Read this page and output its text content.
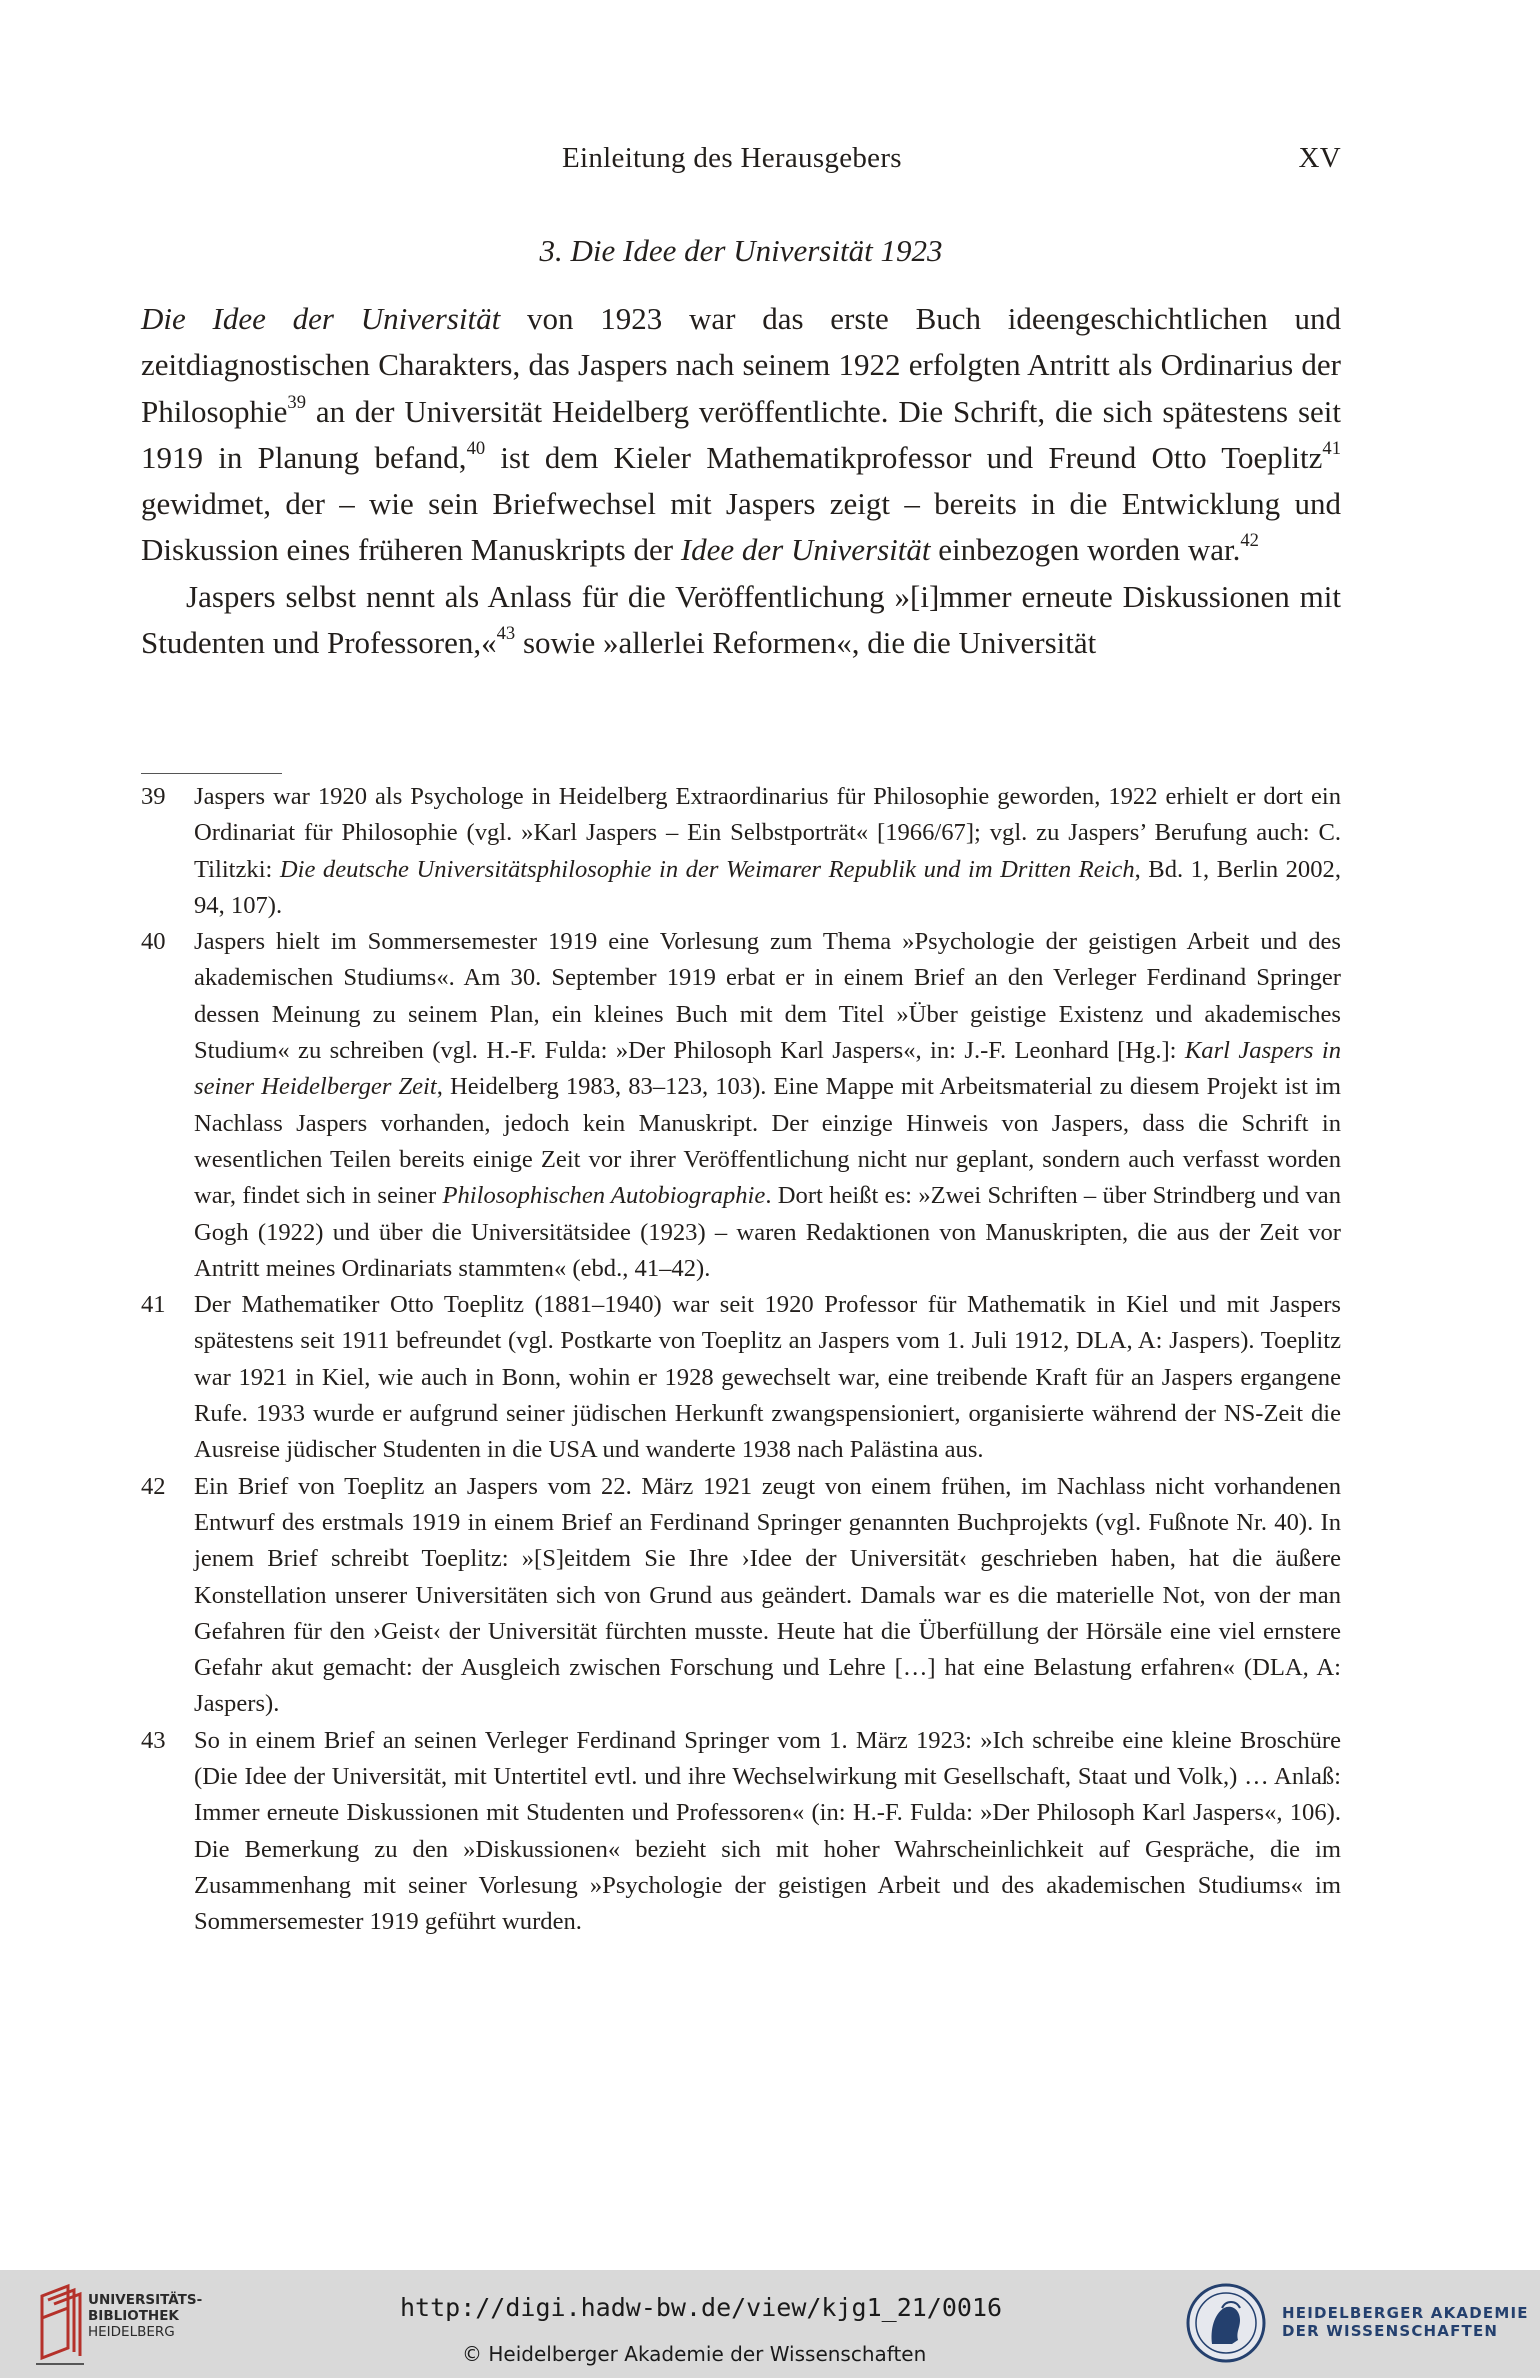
Einleitung des Herausgebers	XV
3. Die Idee der Universität 1923

Die Idee der Universität von 1923 war das erste Buch ideengeschichtlichen und zeitdiagnostischen Charakters, das Jaspers nach seinem 1922 erfolgten Antritt als Ordinarius der Philosophie$^{39}$ an der Universität Heidelberg veröffentlichte. Die Schrift, die sich spätestens seit 1919 in Planung befand,$^{40}$ ist dem Kieler Mathematikprofessor und Freund Otto Toeplitz$^{41}$ gewidmet, der – wie sein Briefwechsel mit Jaspers zeigt – bereits in die Entwicklung und Diskussion eines früheren Manuskripts der Idee der Universität einbezogen worden war.$^{42}$

Jaspers selbst nennt als Anlass für die Veröffentlichung »[i]mmer erneute Diskussionen mit Studenten und Professoren,«$^{43}$ sowie »allerlei Reformen«, die die Universität

39 Jaspers war 1920 als Psychologe in Heidelberg Extraordinarius für Philosophie geworden, 1922 erhielt er dort ein Ordinariat für Philosophie (vgl. »Karl Jaspers – Ein Selbstporträt« [1966/67]; vgl. zu Jaspers’ Berufung auch: C. Tilitzki: Die deutsche Universitätsphilosophie in der Weimarer Republik und im Dritten Reich, Bd. 1, Berlin 2002, 94, 107).

40 Jaspers hielt im Sommersemester 1919 eine Vorlesung zum Thema »Psychologie der geistigen Arbeit und des akademischen Studiums«. Am 30. September 1919 erbat er in einem Brief an den Verleger Ferdinand Springer dessen Meinung zu seinem Plan, ein kleines Buch mit dem Titel »Über geistige Existenz und akademisches Studium« zu schreiben (vgl. H.-F. Fulda: »Der Philosoph Karl Jaspers«, in: J.-F. Leonhard [Hg.]: Karl Jaspers in seiner Heidelberger Zeit, Heidelberg 1983, 83–123, 103). Eine Mappe mit Arbeitsmaterial zu diesem Projekt ist im Nachlass Jaspers vorhanden, jedoch kein Manuskript. Der einzige Hinweis von Jaspers, dass die Schrift in wesentlichen Teilen bereits einige Zeit vor ihrer Veröffentlichung nicht nur geplant, sondern auch verfasst worden war, findet sich in seiner Philosophischen Autobiographie. Dort heißt es: »Zwei Schriften – über Strindberg und van Gogh (1922) und über die Universitätsidee (1923) – waren Redaktionen von Manuskripten, die aus der Zeit vor Antritt meines Ordinariats stammten« (ebd., 41–42).

41 Der Mathematiker Otto Toeplitz (1881–1940) war seit 1920 Professor für Mathematik in Kiel und mit Jaspers spätestens seit 1911 befreundet (vgl. Postkarte von Toeplitz an Jaspers vom 1. Juli 1912, DLA, A: Jaspers). Toeplitz war 1921 in Kiel, wie auch in Bonn, wohin er 1928 gewechselt war, eine treibende Kraft für an Jaspers ergangene Rufe. 1933 wurde er aufgrund seiner jüdischen Herkunft zwangspensioniert, organisierte während der NS-Zeit die Ausreise jüdischer Studenten in die USA und wanderte 1938 nach Palästina aus.

42 Ein Brief von Toeplitz an Jaspers vom 22. März 1921 zeugt von einem frühen, im Nachlass nicht vorhandenen Entwurf des erstmals 1919 in einem Brief an Ferdinand Springer genannten Buchprojekts (vgl. Fußnote Nr. 40). In jenem Brief schreibt Toeplitz: »[S]eitdem Sie Ihre ›Idee der Universität‹ geschrieben haben, hat die äußere Konstellation unserer Universitäten sich von Grund aus geändert. Damals war es die materielle Not, von der man Gefahren für den ›Geist‹ der Universität fürchten musste. Heute hat die Überfüllung der Hörsäle eine viel ernstere Gefahr akut gemacht: der Ausgleich zwischen Forschung und Lehre […] hat eine Belastung erfahren« (DLA, A: Jaspers).

43 So in einem Brief an seinen Verleger Ferdinand Springer vom 1. März 1923: »Ich schreibe eine kleine Broschüre (Die Idee der Universität, mit Untertitel evtl. und ihre Wechselwirkung mit Gesellschaft, Staat und Volk,) … Anlaß: Immer erneute Diskussionen mit Studenten und Professoren« (in: H.-F. Fulda: »Der Philosoph Karl Jaspers«, 106). Die Bemerkung zu den »Diskussionen« bezieht sich mit hoher Wahrscheinlichkeit auf Gespräche, die im Zusammenhang mit seiner Vorlesung »Psychologie der geistigen Arbeit und des akademischen Studiums« im Sommersemester 1919 geführt wurden.

UNIVERSITÄTS-
BIBLIOTHEK
HEIDELBERG
http://digi.hadw-bw.de/view/kjg1_21/0016
© Heidelberger Akademie der Wissenschaften
HEIDELBERGER AKADEMIE
DER WISSENSCHAFTEN
